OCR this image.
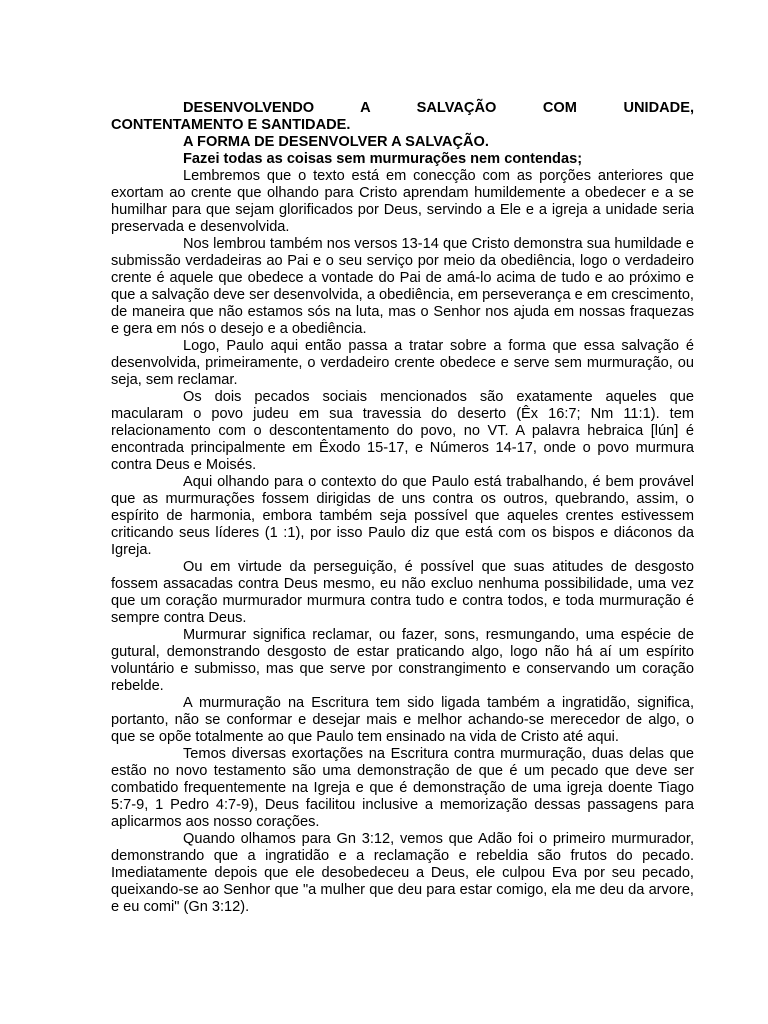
DESENVOLVENDO A SALVAÇÃO COM UNIDADE,

CONTENTAMENTO E SANTIDADE.

A FORMA DE DESENVOLVER A SALVAÇÃO.

Fazei todas as coisas sem murmurações nem contendas;

Lembremos que o texto está em conecção com as porções anteriores que exortam ao crente que olhando para Cristo aprendam humildemente a obedecer e a se humilhar para que sejam glorificados por Deus, servindo a Ele e a igreja a unidade seria preservada e desenvolvida.

Nos lembrou também nos versos 13-14 que Cristo demonstra sua humildade e submissão verdadeiras ao Pai e o seu serviço por meio da obediência, logo o verdadeiro crente é aquele que obedece a vontade do Pai de amá-lo acima de tudo e ao próximo e que a salvação deve ser desenvolvida, a obediência, em perseverança e em crescimento, de maneira que não estamos sós na luta, mas o Senhor nos ajuda em nossas fraquezas e gera em nós o desejo e a obediência.

Logo, Paulo aqui então passa a tratar sobre a forma que essa salvação é desenvolvida, primeiramente, o verdadeiro crente obedece e serve sem murmuração, ou seja, sem reclamar.

Os dois pecados sociais mencionados são exatamente aqueles que macularam o povo judeu em sua travessia do deserto (Êx 16:7; Nm 11:1). tem relacionamento com o descontentamento do povo, no VT. A palavra hebraica [lún] é encontrada principalmente em Êxodo 15-17, e Números 14-17, onde o povo murmura contra Deus e Moisés.

Aqui olhando para o contexto do que Paulo está trabalhando, é bem provável que as murmurações fossem dirigidas de uns contra os outros, quebrando, assim, o espírito de harmonia, embora também seja possível que aqueles crentes estivessem criticando seus líderes (1 :1), por isso Paulo diz que está com os bispos e diáconos da Igreja.

Ou em virtude da perseguição, é possível que suas atitudes de desgosto fossem assacadas contra Deus mesmo, eu não excluo nenhuma possibilidade, uma vez que um coração murmurador murmura contra tudo e contra todos, e toda murmuração é sempre contra Deus.

Murmurar significa reclamar, ou fazer, sons, resmungando, uma espécie de gutural, demonstrando desgosto de estar praticando algo, logo não há aí um espírito voluntário e submisso, mas que serve por constrangimento e conservando um coração rebelde.

A murmuração na Escritura tem sido ligada também a ingratidão, significa, portanto, não se conformar e desejar mais e melhor achando-se merecedor de algo, o que se opõe totalmente ao que Paulo tem ensinado na vida de Cristo até aqui.

Temos diversas exortações na Escritura contra murmuração, duas delas que estão no novo testamento são uma demonstração de que é um pecado que deve ser combatido frequentemente na Igreja e que é demonstração de uma igreja doente Tiago 5:7-9, 1 Pedro 4:7-9), Deus facilitou inclusive a memorização dessas passagens para aplicarmos aos nosso corações.

Quando olhamos para Gn 3:12, vemos que Adão foi o primeiro murmurador, demonstrando que a ingratidão e a reclamação e rebeldia são frutos do pecado. Imediatamente depois que ele desobedeceu a Deus, ele culpou Eva por seu pecado, queixando-se ao Senhor que "a mulher que deu para estar comigo, ela me deu da arvore, e eu comi" (Gn 3:12).
